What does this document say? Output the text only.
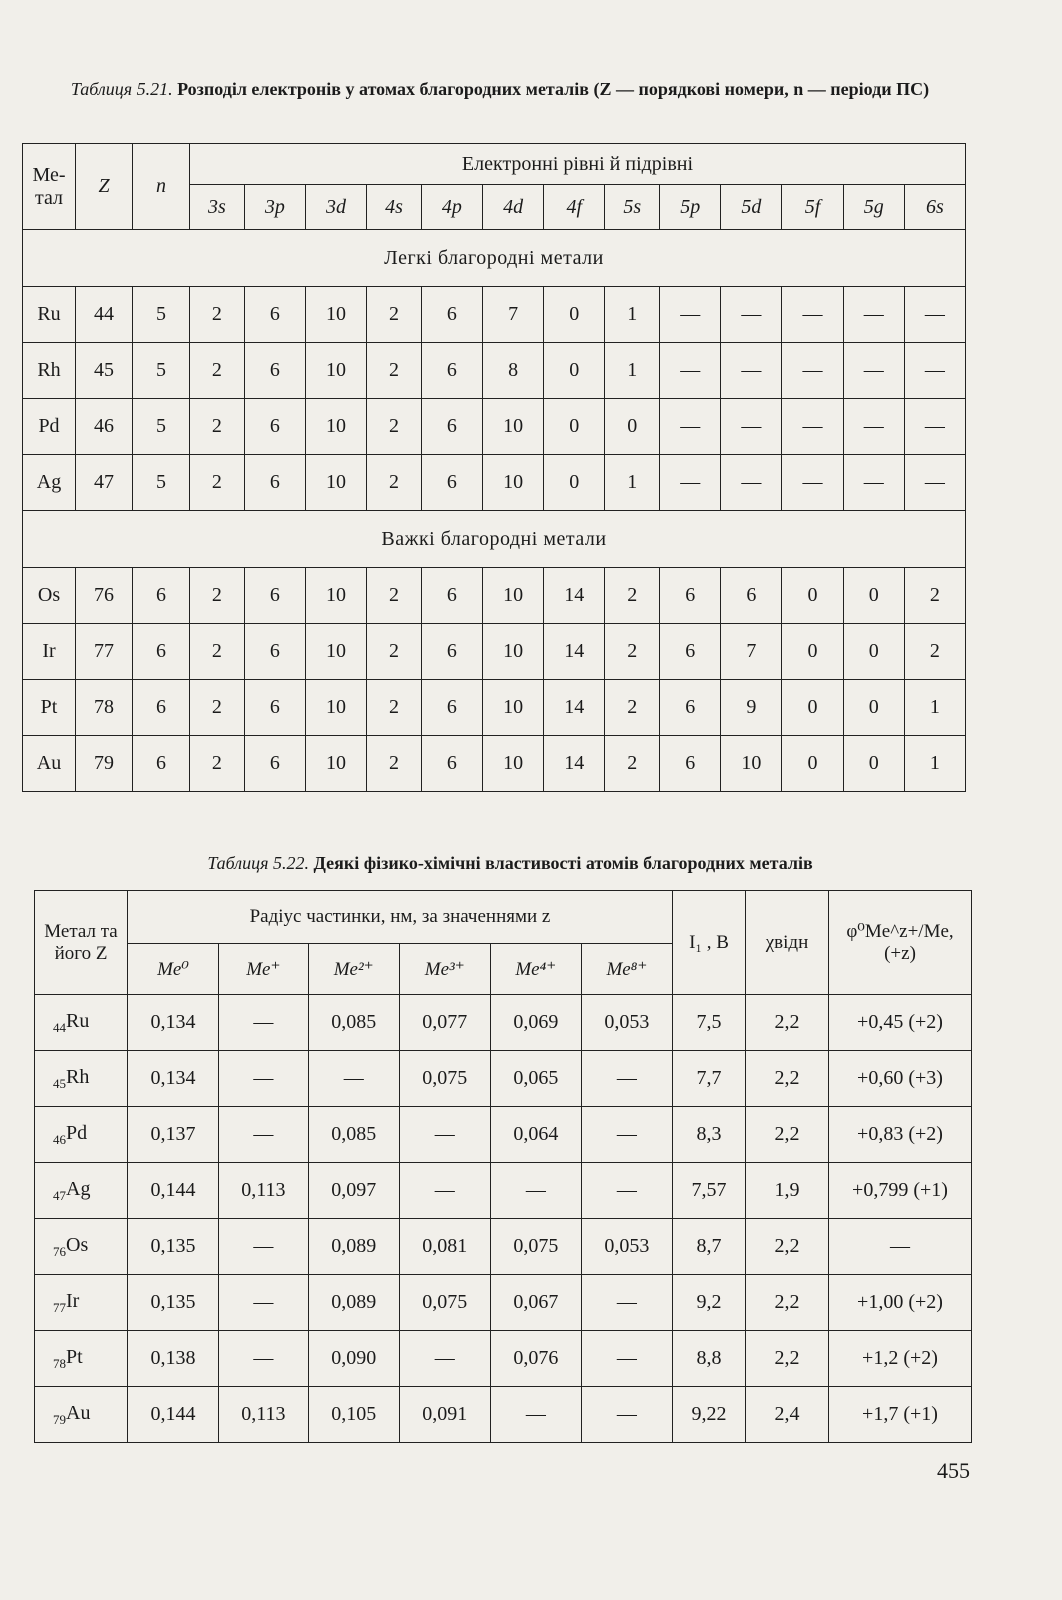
Таблиця 5.21. Розподіл електронів у атомах благородних металів (Z — порядкові номери, n — періоди ПС)
Ме-тал	Z	n	Електронні рівні й підрівні												
			3s	3p	3d	4s	4p	4d	4f	5s	5p	5d	5f	5g	6s
Легкі благородні метали															
Ru	44	5	2	6	10	2	6	7	0	1	—	—	—	—	—
Rh	45	5	2	6	10	2	6	8	0	1	—	—	—	—	—
Pd	46	5	2	6	10	2	6	10	0	0	—	—	—	—	—
Ag	47	5	2	6	10	2	6	10	0	1	—	—	—	—	—
Важкі благородні метали															
Os	76	6	2	6	10	2	6	10	14	2	6	6	0	0	2
Ir	77	6	2	6	10	2	6	10	14	2	6	7	0	0	2
Pt	78	6	2	6	10	2	6	10	14	2	6	9	0	0	1
Au	79	6	2	6	10	2	6	10	14	2	6	10	0	0	1
Таблиця 5.22. Деякі фізико-хімічні властивості атомів благородних металів
Метал та його Z	Радіус частинки, нм, за значеннями z						I₁ , В	χвідн	φ⁰Me^z+/Me,
(+z)

	Me⁰	Me⁺	Me²⁺	Me³⁺	Me⁴⁺	Me⁸⁺			
$_{44}$Ru	0,134	—	0,085	0,077	0,069	0,053	7,5	2,2	+0,45 (+2)
$_{45}$Rh	0,134	—	—	0,075	0,065	—	7,7	2,2	+0,60 (+3)
$_{46}$Pd	0,137	—	0,085	—	0,064	—	8,3	2,2	+0,83 (+2)
$_{47}$Ag	0,144	0,113	0,097	—	—	—	7,57	1,9	+0,799 (+1)
$_{76}$Os	0,135	—	0,089	0,081	0,075	0,053	8,7	2,2	—
$_{77}$Ir	0,135	—	0,089	0,075	0,067	—	9,2	2,2	+1,00 (+2)
$_{78}$Pt	0,138	—	0,090	—	0,076	—	8,8	2,2	+1,2 (+2)
$_{79}$Au	0,144	0,113	0,105	0,091	—	—	9,22	2,4	+1,7 (+1)
455
